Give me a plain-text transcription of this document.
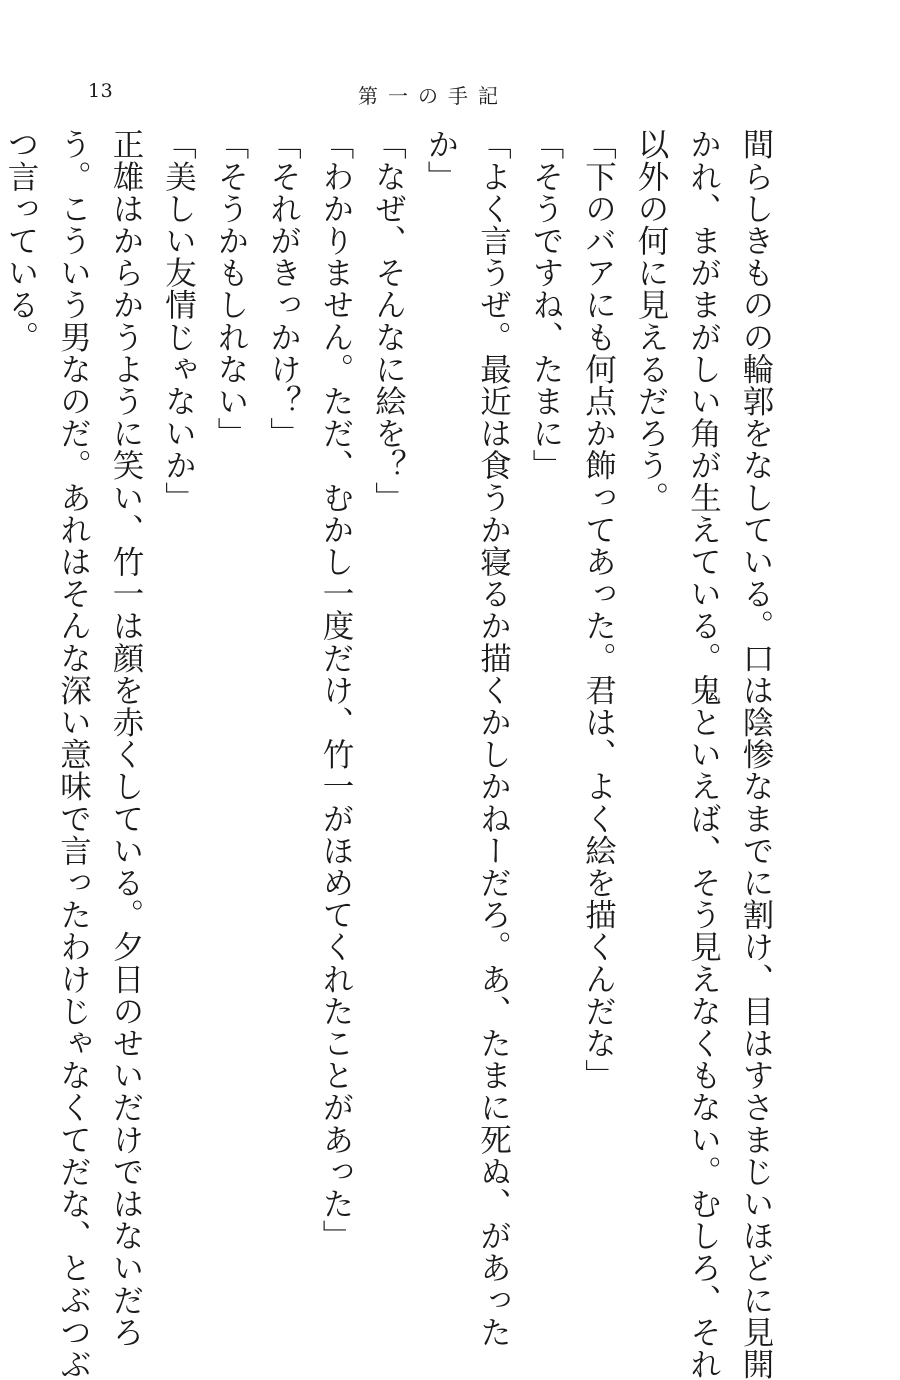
13	第一の手記
間らしきものの輪郭をなしている。口は陰惨なまでに割け、目はすさまじいほどに見開
かれ、まがまがしい角が生えている。鬼といえば、そう見えなくもない。むしろ、それ
以外の何に見えるだろう。
「下のバアにも何点か飾ってあった。君は、よく絵を描くんだな」
「そうですね、たまに」
「よく言うぜ。最近は食うか寝るか描くかしかねーだろ。あ、たまに死ぬ、があった
か」
「なぜ、そんなに絵を？」
「わかりません。ただ、むかし一度だけ、竹一がほめてくれたことがあった」
「それがきっかけ？」
「そうかもしれない」
「美しい友情じゃないか」
正雄はからかうように笑い、竹一は顔を赤くしている。夕日のせいだけではないだろ
う。こういう男なのだ。あれはそんな深い意味で言ったわけじゃなくてだな、とぶつぶ
つ言っている。
